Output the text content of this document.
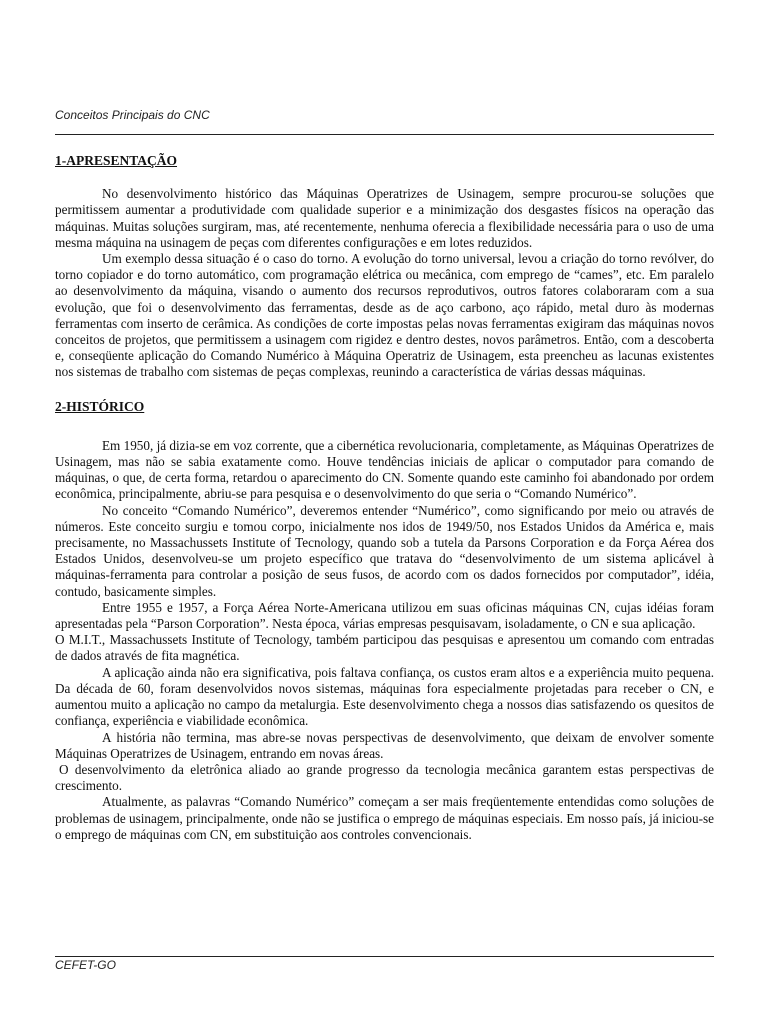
Conceitos Principais do CNC

1-APRESENTAÇÃO

No desenvolvimento histórico das Máquinas Operatrizes de Usinagem, sempre procurou-se soluções que permitissem aumentar a produtividade com qualidade superior e a minimização dos desgastes físicos na operação das máquinas. Muitas soluções surgiram, mas, até recentemente, nenhuma oferecia a flexibilidade necessária para o uso de uma mesma máquina na usinagem de peças com diferentes configurações e em lotes reduzidos.

Um exemplo dessa situação é o caso do torno. A evolução do torno universal, levou a criação do torno revólver, do torno copiador e do torno automático, com programação elétrica ou mecânica, com emprego de “cames”, etc. Em paralelo ao desenvolvimento da máquina, visando o aumento dos recursos reprodutivos, outros fatores colaboraram com a sua evolução, que foi o desenvolvimento das ferramentas, desde as de aço carbono, aço rápido, metal duro às modernas ferramentas com inserto de cerâmica. As condições de corte impostas pelas novas ferramentas exigiram das máquinas novos conceitos de projetos, que permitissem a usinagem com rigidez e dentro destes, novos parâmetros. Então, com a descoberta e, conseqüente aplicação do Comando Numérico à Máquina Operatriz de Usinagem, esta preencheu as lacunas existentes nos sistemas de trabalho com sistemas de peças complexas, reunindo a característica de várias dessas máquinas.

2-HISTÓRICO

Em 1950, já dizia-se em voz corrente, que a cibernética revolucionaria, completamente, as Máquinas Operatrizes de Usinagem, mas não se sabia exatamente como. Houve tendências iniciais de aplicar o computador para comando de máquinas, o que, de certa forma, retardou o aparecimento do CN. Somente quando este caminho foi abandonado por ordem econômica, principalmente, abriu-se para pesquisa e o desenvolvimento do que seria o “Comando Numérico”.

No conceito “Comando Numérico”, deveremos entender “Numérico”, como significando por meio ou através de números. Este conceito surgiu e tomou corpo, inicialmente nos idos de 1949/50, nos Estados Unidos da América e, mais precisamente, no Massachussets Institute of Tecnology, quando sob a tutela da Parsons Corporation e da Força Aérea dos Estados Unidos, desenvolveu-se um projeto específico que tratava do “desenvolvimento de um sistema aplicável à máquinas-ferramenta para controlar a posição de seus fusos, de acordo com os dados fornecidos por computador”, idéia, contudo, basicamente simples.

Entre 1955 e 1957, a Força Aérea Norte-Americana utilizou em suas oficinas máquinas CN, cujas idéias foram apresentadas pela “Parson Corporation”. Nesta época, várias empresas pesquisavam, isoladamente, o CN e sua aplicação.

O M.I.T., Massachussets Institute of Tecnology, também participou das pesquisas e apresentou um comando com entradas de dados através de fita magnética.

A aplicação ainda não era significativa, pois faltava confiança, os custos eram altos e a experiência muito pequena. Da década de 60, foram desenvolvidos novos sistemas, máquinas fora especialmente projetadas para receber o CN, e aumentou muito a aplicação no campo da metalurgia. Este desenvolvimento chega a nossos dias satisfazendo os quesitos de confiança, experiência e viabilidade econômica.

A história não termina, mas abre-se novas perspectivas de desenvolvimento, que deixam de envolver somente Máquinas Operatrizes de Usinagem, entrando em novas áreas.

O desenvolvimento da eletrônica aliado ao grande progresso da tecnologia mecânica garantem estas perspectivas de crescimento.

Atualmente, as palavras “Comando Numérico” começam a ser mais freqüentemente entendidas como soluções de problemas de usinagem, principalmente, onde não se justifica o emprego de máquinas especiais. Em nosso país, já iniciou-se o emprego de máquinas com CN, em substituição aos controles convencionais.

CEFET-GO
